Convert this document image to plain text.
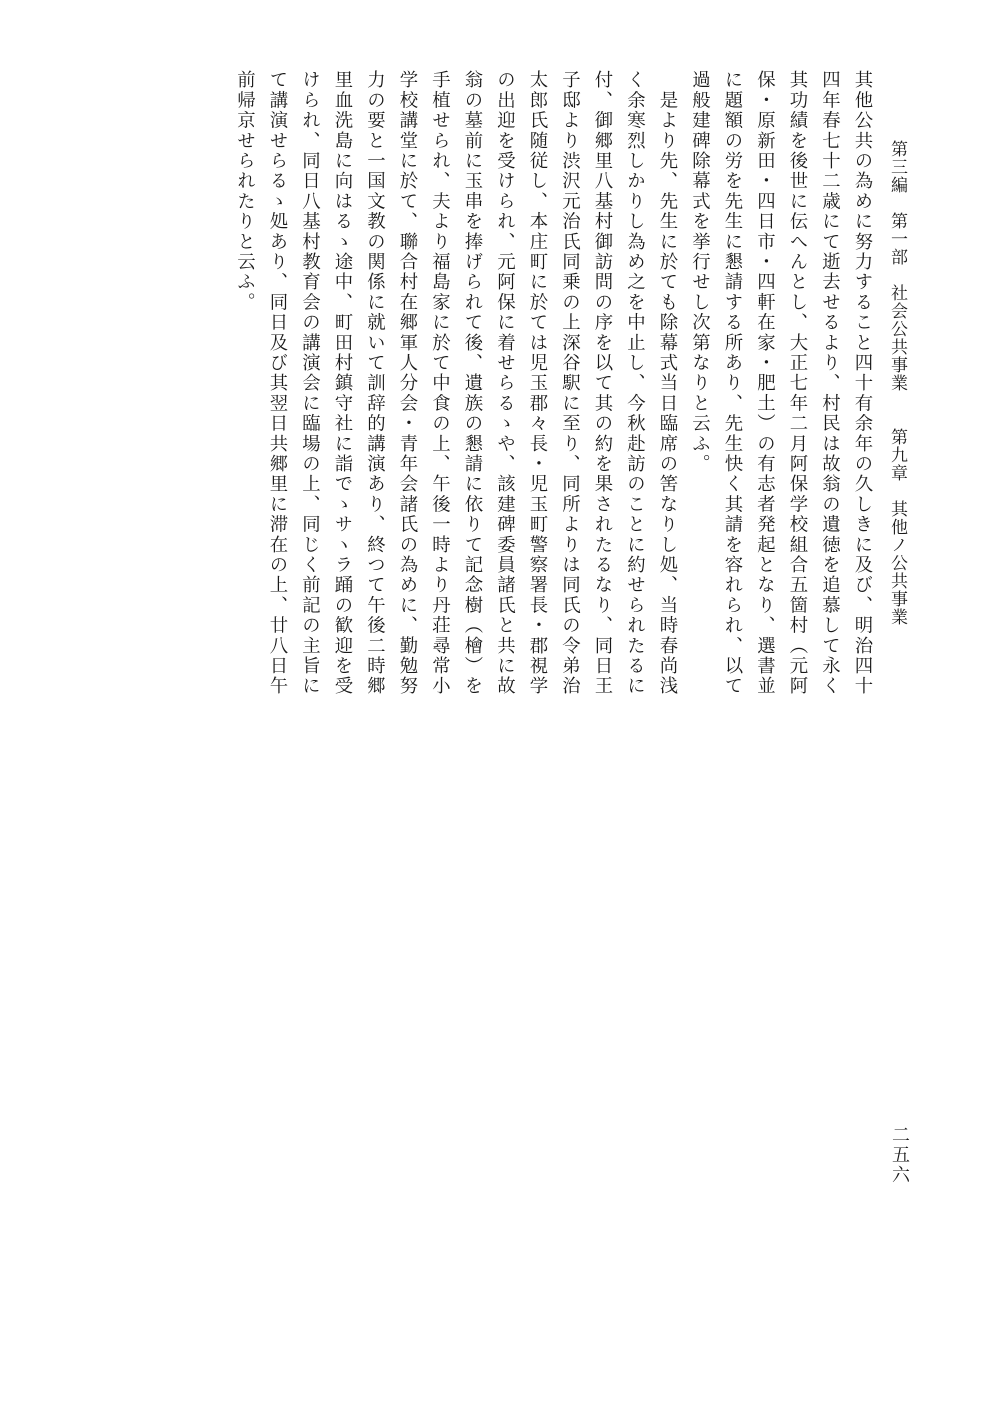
第三編　第一部　社会公共事業　　第九章　其他ノ公共事業
其他公共の為めに努力すること四十有余年の久しきに及び、明治四十
四年春七十二歳にて逝去せるより、村民は故翁の遺徳を追慕して永く
其功績を後世に伝へんとし、大正七年二月阿保学校組合五箇村（元阿
保・原新田・四日市・四軒在家・肥土）の有志者発起となり、選書並
に題額の労を先生に懇請する所あり、先生快く其請を容れられ、以て
過般建碑除幕式を挙行せし次第なりと云ふ。
　是より先、先生に於ても除幕式当日臨席の筈なりし処、当時春尚浅
く余寒烈しかりし為め之を中止し、今秋赴訪のことに約せられたるに
付、御郷里八基村御訪問の序を以て其の約を果されたるなり、同日王
子邸より渋沢元治氏同乗の上深谷駅に至り、同所よりは同氏の令弟治
太郎氏随従し、本庄町に於ては児玉郡々長・児玉町警察署長・郡視学
の出迎を受けられ、元阿保に着せらるゝや、該建碑委員諸氏と共に故
翁の墓前に玉串を捧げられて後、遺族の懇請に依りて記念樹（檜）を
手植せられ、夫より福島家に於て中食の上、午後一時より丹荘尋常小
学校講堂に於て、聯合村在郷軍人分会・青年会諸氏の為めに、勤勉努
力の要と一国文教の関係に就いて訓辞的講演あり、終つて午後二時郷
里血洗島に向はるゝ途中、町田村鎮守社に詣でゝサヽラ踊の歓迎を受
けられ、同日八基村教育会の講演会に臨場の上、同じく前記の主旨に
て講演せらるゝ処あり、同日及び其翌日共郷里に滞在の上、廿八日午
前帰京せられたりと云ふ。
二五六
